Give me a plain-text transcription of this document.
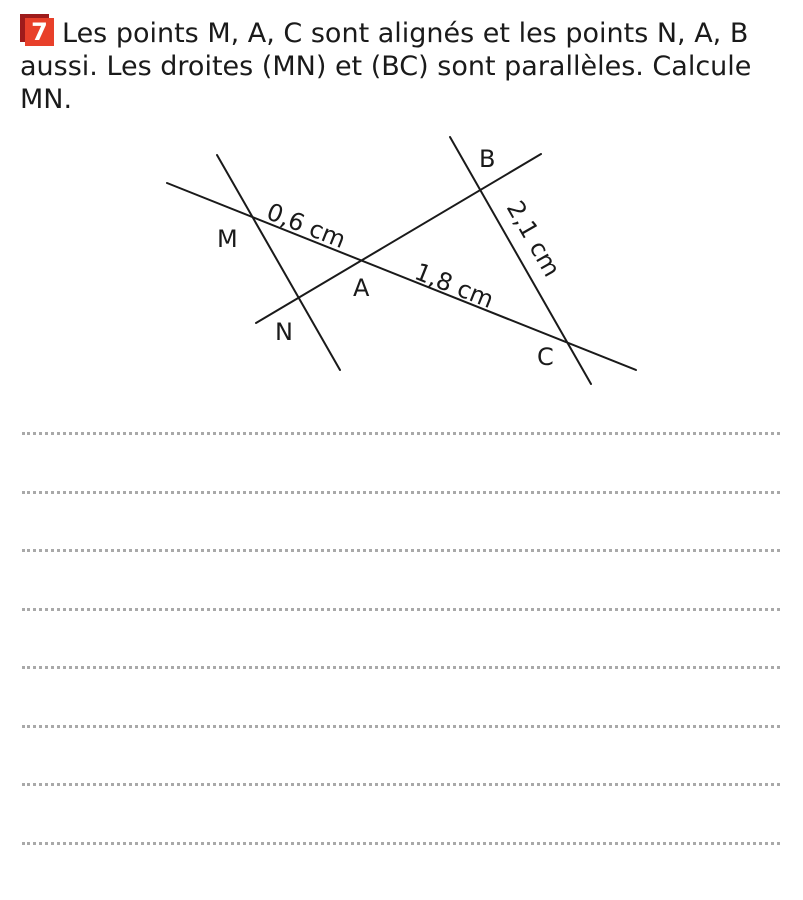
7 Les points M, A, C sont alignés et les points N, A, B aussi. Les droites (MN) et (BC) sont parallèles. Calcule MN.

M
A
N
B
C
0,6 cm
1,8 cm
2,1 cm
